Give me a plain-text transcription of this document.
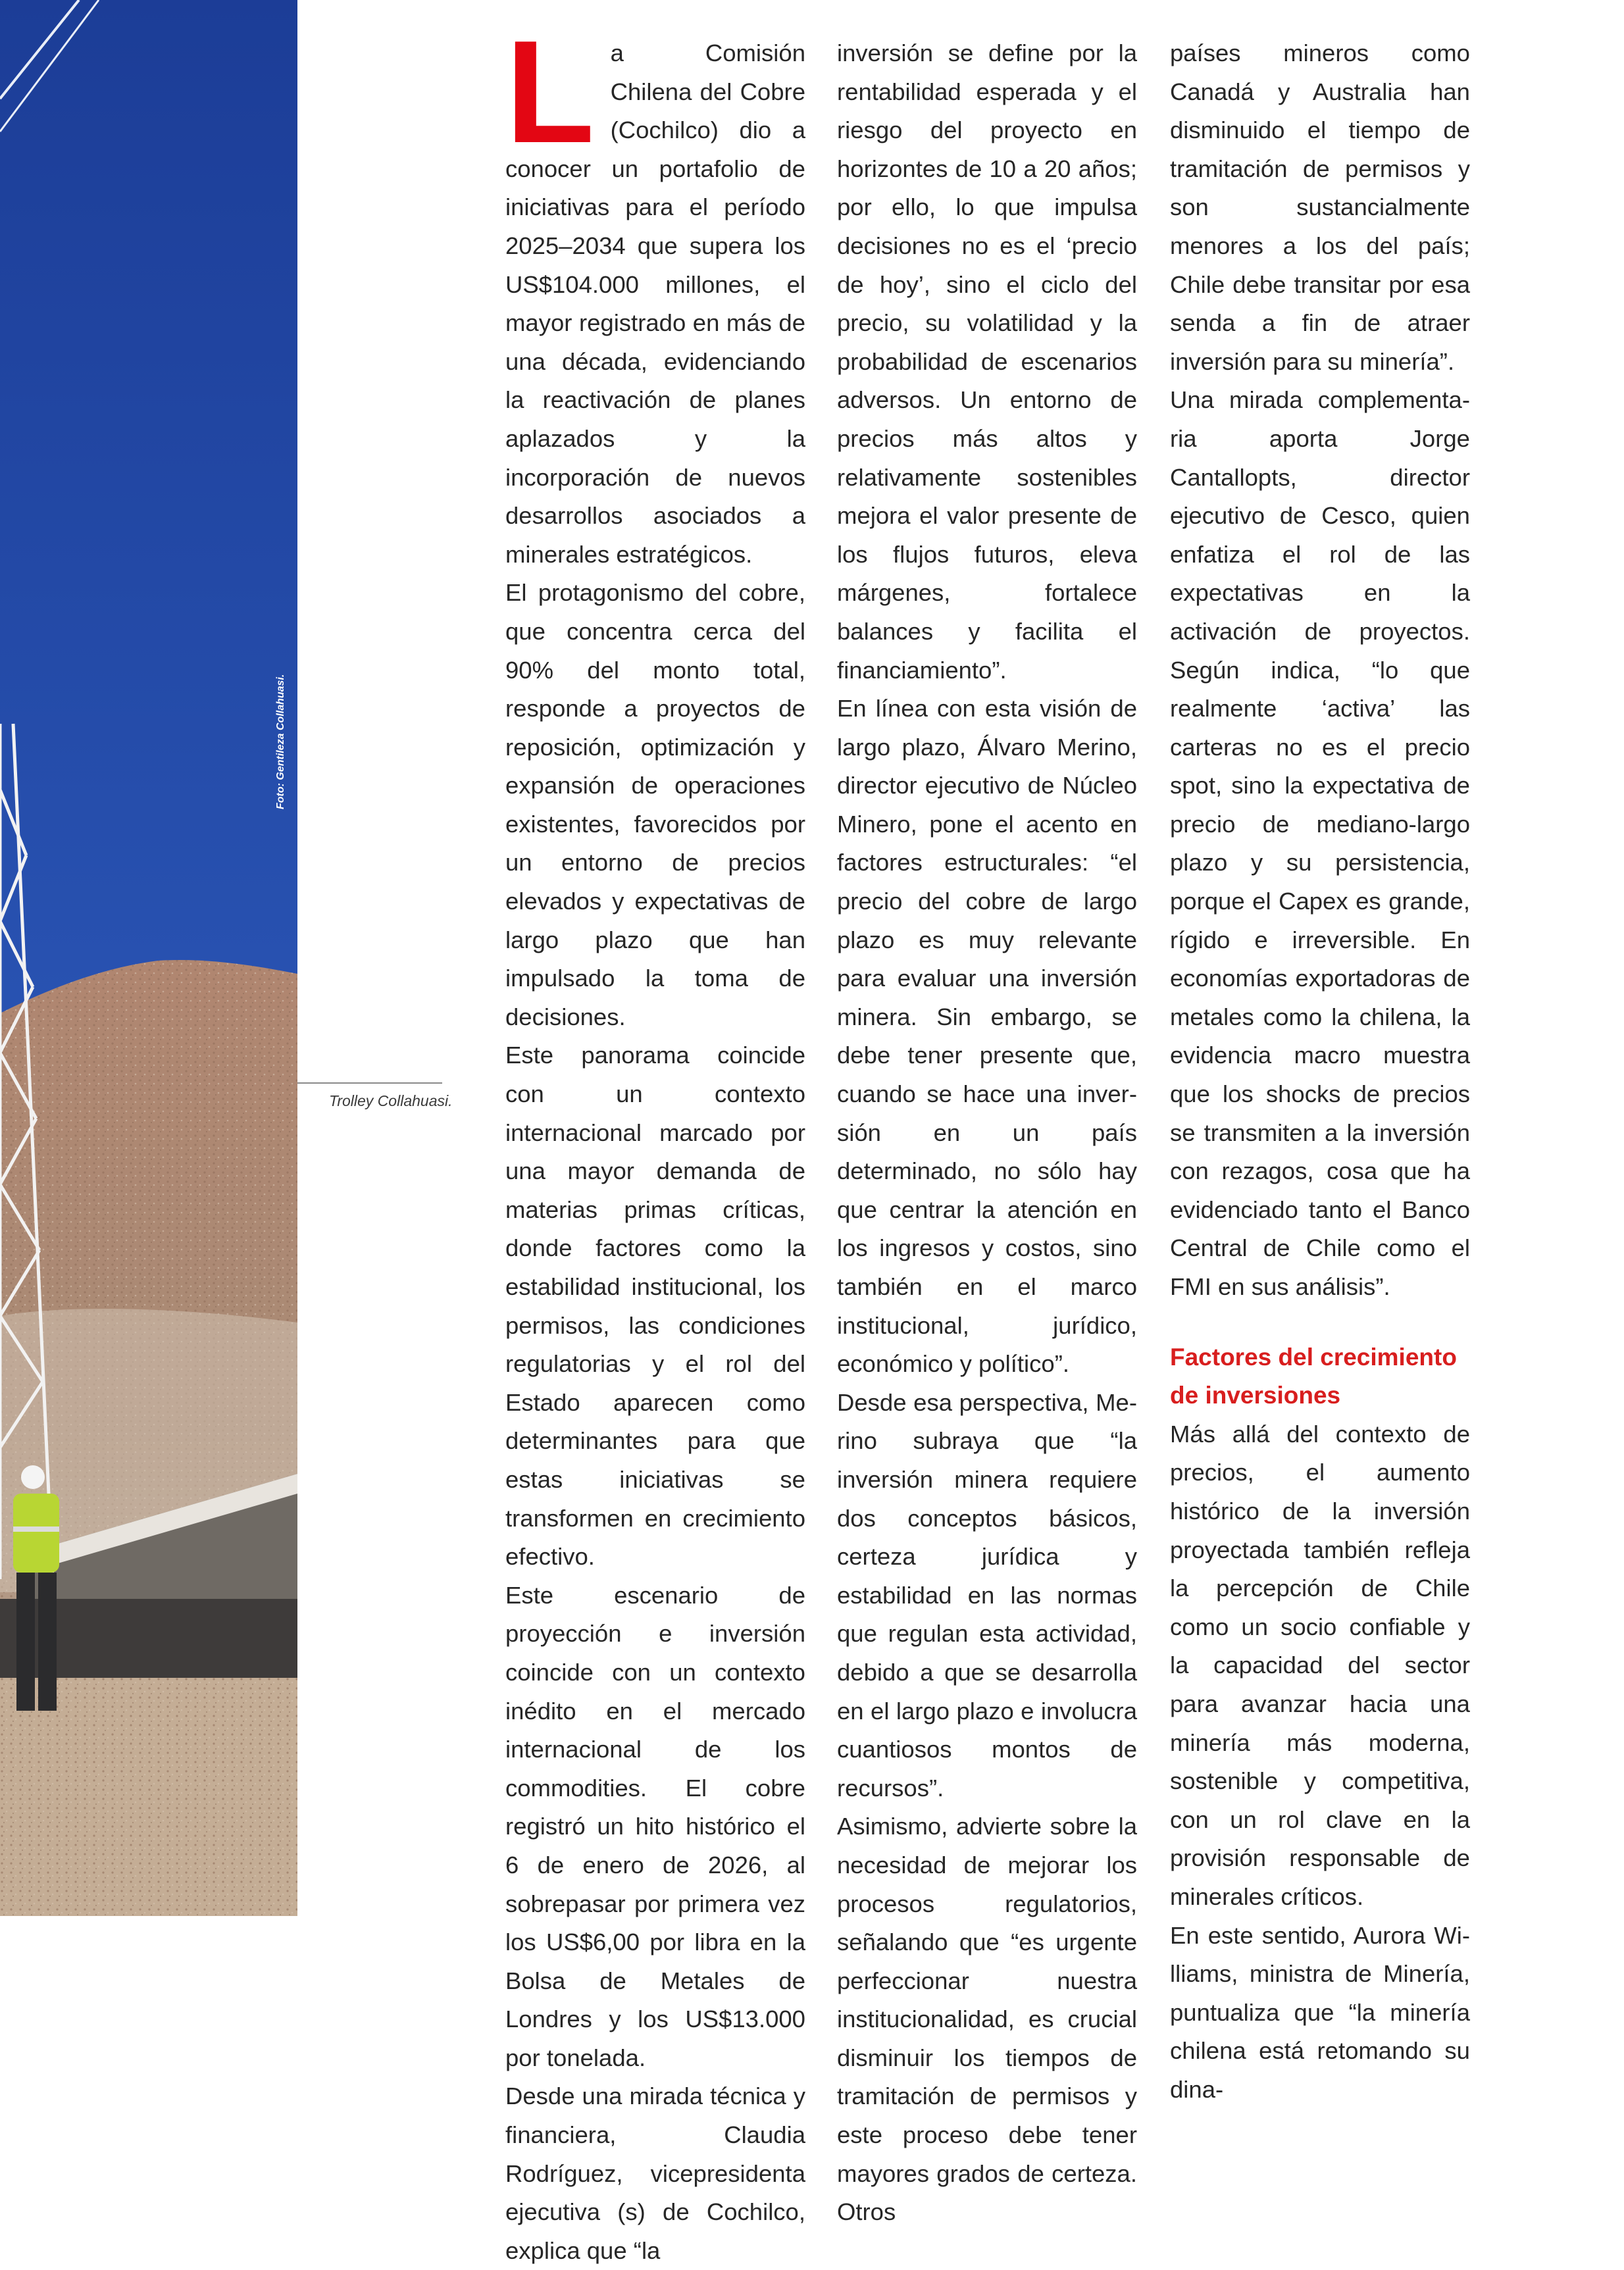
Foto: Gentileza Collahuasi.
Trolley Collahuasi.
L a Comisión Chilena del Cobre (Cochilco) dio a conocer un portafolio de iniciativas para el período 2025–2034 que supera los US$104.000 millones, el mayor registrado en más de una década, evidenciando la reactivación de planes aplazados y la incorporación de nuevos desarrollos asociados a minerales estratégicos.

El protagonismo del cobre, que concentra cerca del 90% del monto total, responde a proyectos de reposición, optimización y expansión de operaciones existentes, favorecidos por un entorno de precios elevados y expectativas de largo plazo que han impulsado la toma de decisiones.

Este panorama coincide con un contexto internacional marcado por una mayor demanda de materias primas críticas, donde factores como la estabilidad institucional, los permisos, las condiciones regulatorias y el rol del Estado aparecen como determinantes para que estas iniciativas se transformen en crecimiento efectivo.

Este escenario de proyección e inversión coincide con un contexto inédito en el mercado internacional de los commodities. El cobre registró un hito histórico el 6 de enero de 2026, al sobrepasar por primera vez los US$6,00 por libra en la Bolsa de Metales de Londres y los US$13.000 por tonelada.

Desde una mirada técnica y financiera, Claudia Rodríguez, vicepresidenta ejecutiva (s) de Cochilco, explica que “la

inversión se define por la rentabilidad esperada y el riesgo del proyecto en horizontes de 10 a 20 años; por ello, lo que impulsa decisiones no es el ‘precio de hoy’, sino el ciclo del precio, su volatilidad y la probabilidad de escenarios adversos. Un entorno de precios más altos y relativamente sostenibles mejora el valor presente de los flujos futuros, eleva márgenes, fortalece balances y facilita el financiamiento”.

En línea con esta visión de largo plazo, Álvaro Merino, director ejecutivo de Núcleo Minero, pone el acento en factores estructurales: “el precio del cobre de largo plazo es muy relevante para evaluar una inversión minera. Sin embargo, se debe tener presente que, cuando se hace una inversión en un país determinado, no sólo hay que centrar la atención en los ingresos y costos, sino también en el marco institucional, jurídico, económico y político”.

Desde esa perspectiva, Merino subraya que “la inversión minera requiere dos conceptos básicos, certeza jurídica y estabilidad en las normas que regulan esta actividad, debido a que se desarrolla en el largo plazo e involucra cuantiosos montos de recursos”.

Asimismo, advierte sobre la necesidad de mejorar los procesos regulatorios, señalando que “es urgente perfeccionar nuestra institucionalidad, es crucial disminuir los tiempos de tramitación de permisos y este proceso debe tener mayores grados de certeza. Otros

países mineros como Canadá y Australia han disminuido el tiempo de tramitación de permisos y son sustancialmente menores a los del país; Chile debe transitar por esa senda a fin de atraer inversión para su minería”.

Una mirada complementaria aporta Jorge Cantallopts, director ejecutivo de Cesco, quien enfatiza el rol de las expectativas en la activación de proyectos. Según indica, “lo que realmente ‘activa’ las carteras no es el precio spot, sino la expectativa de precio de mediano-largo plazo y su persistencia, porque el Capex es grande, rígido e irreversible. En economías exportadoras de metales como la chilena, la evidencia macro muestra que los shocks de precios se transmiten a la inversión con rezagos, cosa que ha evidenciado tanto el Banco Central de Chile como el FMI en sus análisis”.

Factores del crecimiento de inversiones

Más allá del contexto de precios, el aumento histórico de la inversión proyectada también refleja la percepción de Chile como un socio confiable y la capacidad del sector para avanzar hacia una minería más moderna, sostenible y competitiva, con un rol clave en la provisión responsable de minerales críticos.

En este sentido, Aurora Williams, ministra de Minería, puntualiza que “la minería chilena está retomando su dina-
